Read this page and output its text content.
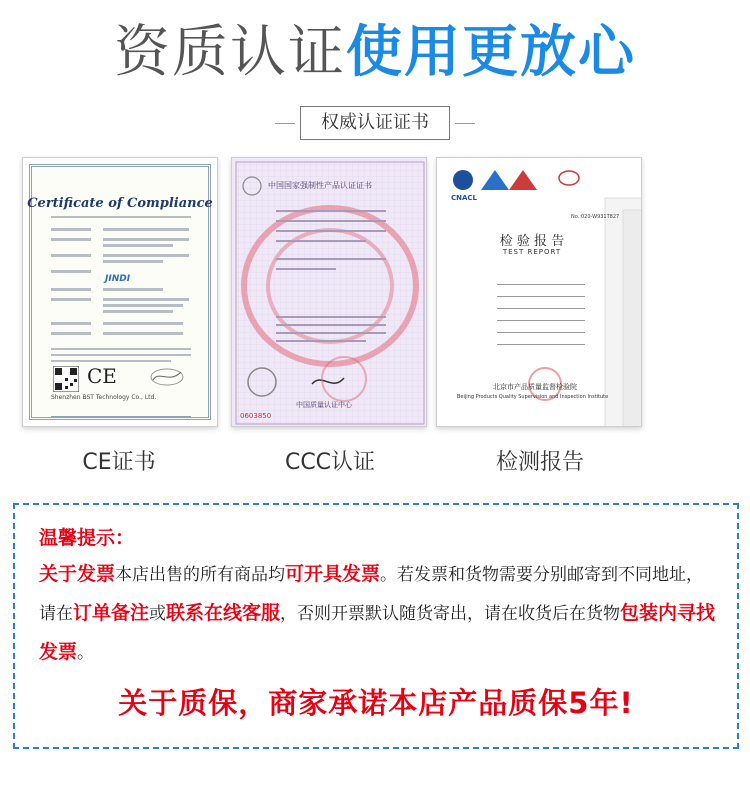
资质认证使用更放心
权威认证证书
Certificate of Compliance
JINDI
CE
Shenzhen BST Technology Co., Ltd.
中国国家强制性产品认证证书
中国质量认证中心
0603850
CNACL
No.:020-W931T827
检 验 报 告
TEST REPORT
北京市产品质量监督检验院
Beijing Products Quality Supervision and Inspection Institute
CE证书	CCC认证	检测报告
温馨提示：
关于发票本店出售的所有商品均可开具发票。若发票和货物需要分别邮寄到不同地址，请在订单备注或联系在线客服，否则开票默认随货寄出，请在收货后在货物包装内寻找发票。
关于质保，商家承诺本店产品质保5年!
